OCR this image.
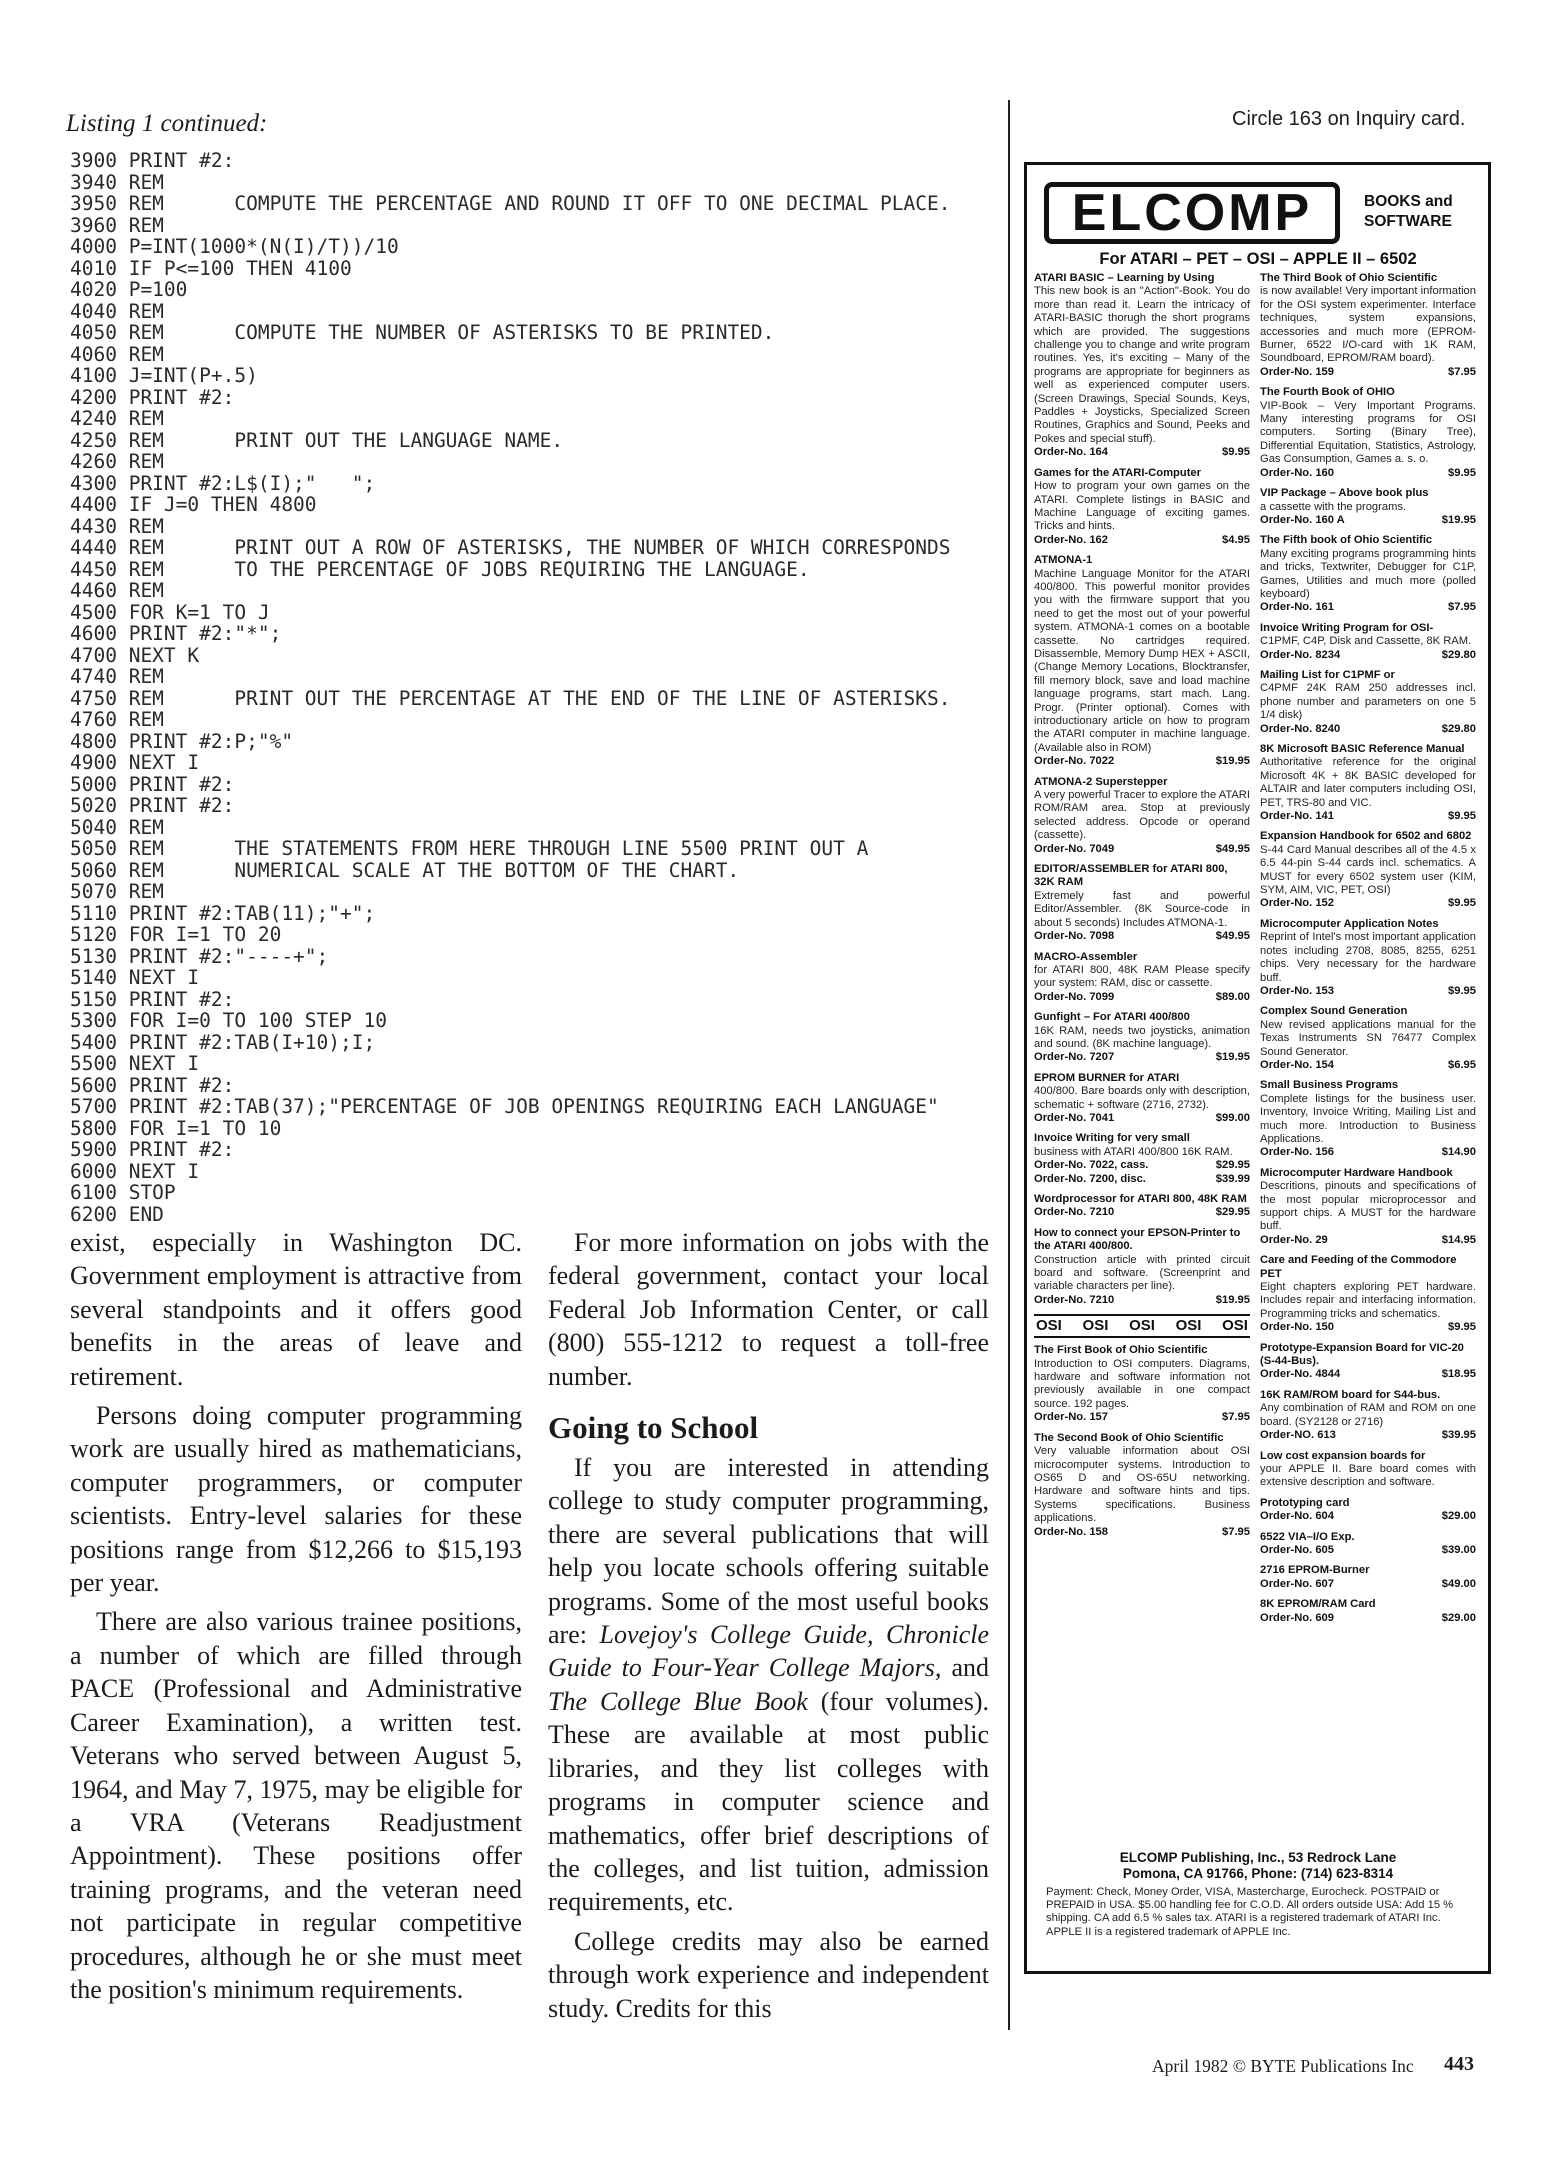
Listing 1 continued:
3900 PRINT #2:
3940 REM
3950 REM      COMPUTE THE PERCENTAGE AND ROUND IT OFF TO ONE DECIMAL PLACE.
3960 REM
4000 P=INT(1000*(N(I)/T))/10
4010 IF P<=100 THEN 4100
4020 P=100
4040 REM
4050 REM      COMPUTE THE NUMBER OF ASTERISKS TO BE PRINTED.
4060 REM
4100 J=INT(P+.5)
4200 PRINT #2:
4240 REM
4250 REM      PRINT OUT THE LANGUAGE NAME.
4260 REM
4300 PRINT #2:L$(I);"   ";
4400 IF J=0 THEN 4800
4430 REM
4440 REM      PRINT OUT A ROW OF ASTERISKS, THE NUMBER OF WHICH CORRESPONDS
4450 REM      TO THE PERCENTAGE OF JOBS REQUIRING THE LANGUAGE.
4460 REM
4500 FOR K=1 TO J
4600 PRINT #2:"*";
4700 NEXT K
4740 REM
4750 REM      PRINT OUT THE PERCENTAGE AT THE END OF THE LINE OF ASTERISKS.
4760 REM
4800 PRINT #2:P;"%"
4900 NEXT I
5000 PRINT #2:
5020 PRINT #2:
5040 REM
5050 REM      THE STATEMENTS FROM HERE THROUGH LINE 5500 PRINT OUT A
5060 REM      NUMERICAL SCALE AT THE BOTTOM OF THE CHART.
5070 REM
5110 PRINT #2:TAB(11);"+";
5120 FOR I=1 TO 20
5130 PRINT #2:"----+";
5140 NEXT I
5150 PRINT #2:
5300 FOR I=0 TO 100 STEP 10
5400 PRINT #2:TAB(I+10);I;
5500 NEXT I
5600 PRINT #2:
5700 PRINT #2:TAB(37);"PERCENTAGE OF JOB OPENINGS REQUIRING EACH LANGUAGE"
5800 FOR I=1 TO 10
5900 PRINT #2:
6000 NEXT I
6100 STOP
6200 END

exist, especially in Washington DC. Government employment is attractive from several standpoints and it offers good benefits in the areas of leave and retirement.

Persons doing computer programming work are usually hired as mathematicians, computer programmers, or computer scientists. Entry-level salaries for these positions range from $12,266 to $15,193 per year.

There are also various trainee positions, a number of which are filled through PACE (Professional and Administrative Career Examination), a written test. Veterans who served between August 5, 1964, and May 7, 1975, may be eligible for a VRA (Veterans Readjustment Appointment). These positions offer training programs, and the veteran need not participate in regular competitive procedures, although he or she must meet the position's minimum requirements.

For more information on jobs with the federal government, contact your local Federal Job Information Center, or call (800) 555-1212 to request a toll-free number.

Going to School

If you are interested in attending college to study computer programming, there are several publications that will help you locate schools offering suitable programs. Some of the most useful books are: Lovejoy's College Guide, Chronicle Guide to Four-Year College Majors, and The College Blue Book (four volumes). These are available at most public libraries, and they list colleges with programs in computer science and mathematics, offer brief descriptions of the colleges, and list tuition, admission requirements, etc.

College credits may also be earned through work experience and independent study. Credits for this

Circle 163 on Inquiry card.
ELCOMP	BOOKS and
SOFTWARE
For ATARI – PET – OSI – APPLE II – 6502
ATARI BASIC – Learning by Using
This new book is an "Action"-Book. You do more than read it. Learn the intricacy of ATARI-BASIC thorugh the short programs which are provided. The suggestions challenge you to change and write program routines. Yes, it's exciting – Many of the programs are appropriate for beginners as well as experienced computer users. (Screen Drawings, Special Sounds, Keys, Paddles + Joysticks, Specialized Screen Routines, Graphics and Sound, Peeks and Pokes and special stuff).
Order-No. 164	$9.95
Games for the ATARI-Computer
How to program your own games on the ATARI. Complete listings in BASIC and Machine Language of exciting games. Tricks and hints.
Order-No. 162	$4.95
ATMONA-1
Machine Language Monitor for the ATARI 400/800. This powerful monitor provides you with the firmware support that you need to get the most out of your powerful system. ATMONA-1 comes on a bootable cassette. No cartridges required. Disassemble, Memory Dump HEX + ASCII, (Change Memory Locations, Blocktransfer, fill memory block, save and load machine language programs, start mach. Lang. Progr. (Printer optional). Comes with introductionary article on how to program the ATARI computer in machine language. (Available also in ROM)
Order-No. 7022	$19.95
ATMONA-2 Superstepper
A very powerful Tracer to explore the ATARI ROM/RAM area. Stop at previously selected address. Opcode or operand (cassette).
Order-No. 7049	$49.95
EDITOR/ASSEMBLER for ATARI 800, 32K RAM
Extremely fast and powerful Editor/Assembler. (8K Source-code in about 5 seconds) Includes ATMONA-1.
Order-No. 7098	$49.95
MACRO-Assembler
for ATARI 800, 48K RAM Please specify your system: RAM, disc or cassette.
Order-No. 7099	$89.00
Gunfight – For ATARI 400/800
16K RAM, needs two joysticks, animation and sound. (8K machine language).
Order-No. 7207	$19.95
EPROM BURNER for ATARI
400/800. Bare boards only with description, schematic + software (2716, 2732).
Order-No. 7041	$99.00
Invoice Writing for very small
business with ATARI 400/800 16K RAM.
Order-No. 7022, cass.	$29.95
Order-No. 7200, disc.	$39.99
Wordprocessor for ATARI 800, 48K RAM
Order-No. 7210	$29.95
How to connect your EPSON-Printer to the ATARI 400/800.
Construction article with printed circuit board and software. (Screenprint and variable characters per line).
Order-No. 7210	$19.95
OSI OSI OSI OSI OSI
The First Book of Ohio Scientific
Introduction to OSI computers. Diagrams, hardware and software information not previously available in one compact source. 192 pages.
Order-No. 157	$7.95
The Second Book of Ohio Scientific
Very valuable information about OSI microcomputer systems. Introduction to OS65 D and OS-65U networking. Hardware and software hints and tips. Systems specifications. Business applications.
Order-No. 158	$7.95
The Third Book of Ohio Scientific
is now available! Very important information for the OSI system experimenter. Interface techniques, system expansions, accessories and much more (EPROM-Burner, 6522 I/O-card with 1K RAM, Soundboard, EPROM/RAM board).
Order-No. 159	$7.95
The Fourth Book of OHIO
VIP-Book – Very Important Programs. Many interesting programs for OSI computers. Sorting (Binary Tree), Differential Equitation, Statistics, Astrology, Gas Consumption, Games a. s. o.
Order-No. 160	$9.95
VIP Package – Above book plus
a cassette with the programs.
Order-No. 160 A	$19.95
The Fifth book of Ohio Scientific
Many exciting programs programming hints and tricks, Textwriter, Debugger for C1P, Games, Utilities and much more (polled keyboard)
Order-No. 161	$7.95
Invoice Writing Program for OSI-
C1PMF, C4P, Disk and Cassette, 8K RAM.
Order-No. 8234	$29.80
Mailing List for C1PMF or
C4PMF 24K RAM 250 addresses incl. phone number and parameters on one 5 1/4 disk)
Order-No. 8240	$29.80
8K Microsoft BASIC Reference Manual
Authoritative reference for the original Microsoft 4K + 8K BASIC developed for ALTAIR and later computers including OSI, PET, TRS-80 and VIC.
Order-No. 141	$9.95
Expansion Handbook for 6502 and 6802
S-44 Card Manual describes all of the 4.5 x 6.5 44-pin S-44 cards incl. schematics. A MUST for every 6502 system user (KIM, SYM, AIM, VIC, PET, OSI)
Order-No. 152	$9.95
Microcomputer Application Notes
Reprint of Intel's most important application notes including 2708, 8085, 8255, 6251 chips. Very necessary for the hardware buff.
Order-No. 153	$9.95
Complex Sound Generation
New revised applications manual for the Texas Instruments SN 76477 Complex Sound Generator.
Order-No. 154	$6.95
Small Business Programs
Complete listings for the business user. Inventory, Invoice Writing, Mailing List and much more. Introduction to Business Applications.
Order-No. 156	$14.90
Microcomputer Hardware Handbook
Descritions, pinouts and specifications of the most popular microprocessor and support chips. A MUST for the hardware buff.
Order-No. 29	$14.95
Care and Feeding of the Commodore PET
Eight chapters exploring PET hardware. Includes repair and interfacing information. Programming tricks and schematics.
Order-No. 150	$9.95
Prototype-Expansion Board for VIC-20 (S-44-Bus).
Order-No. 4844	$18.95
16K RAM/ROM board for S44-bus.
Any combination of RAM and ROM on one board. (SY2128 or 2716)
Order-NO. 613	$39.95
Low cost expansion boards for
your APPLE II. Bare board comes with extensive description and software.
Prototyping card
Order-No. 604	$29.00
6522 VIA–I/O Exp.
Order-No. 605	$39.00
2716 EPROM-Burner
Order-No. 607	$49.00
8K EPROM/RAM Card
Order-No. 609	$29.00
ELCOMP Publishing, Inc., 53 Redrock Lane
Pomona, CA 91766, Phone: (714) 623-8314
Payment: Check, Money Order, VISA, Mastercharge, Eurocheck. POSTPAID or PREPAID in USA. $5.00 handling fee for C.O.D. All orders outside USA: Add 15 % shipping. CA add 6.5 % sales tax. ATARI is a registered trademark of ATARI Inc. APPLE II is a registered trademark of APPLE Inc.
April 1982 © BYTE Publications Inc 443
